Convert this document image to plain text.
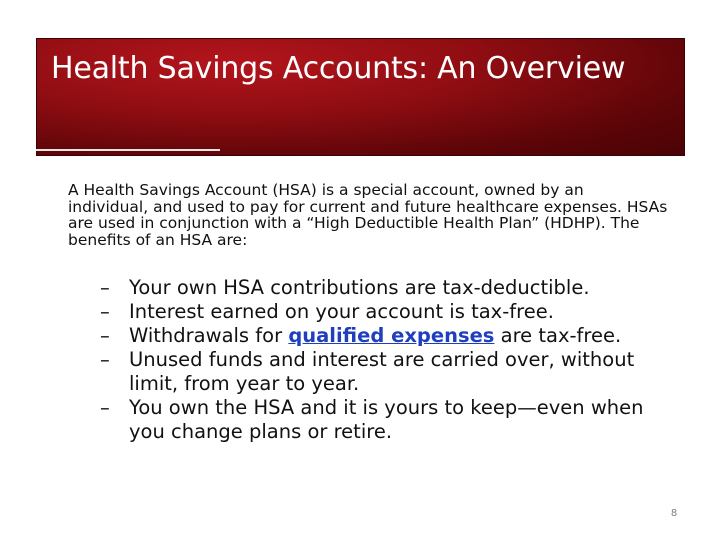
Health Savings Accounts: An Overview

A Health Savings Account (HSA) is a special account, owned by an individual, and used to pay for current and future healthcare expenses. HSAs are used in conjunction with a “High Deductible Health Plan” (HDHP). The benefits of an HSA are:

– Your own HSA contributions are tax-deductible.
– Interest earned on your account is tax-free.
– Withdrawals for qualified expenses are tax-free.
– Unused funds and interest are carried over, without limit, from year to year.
– You own the HSA and it is yours to keep—even when you change plans or retire.
8
